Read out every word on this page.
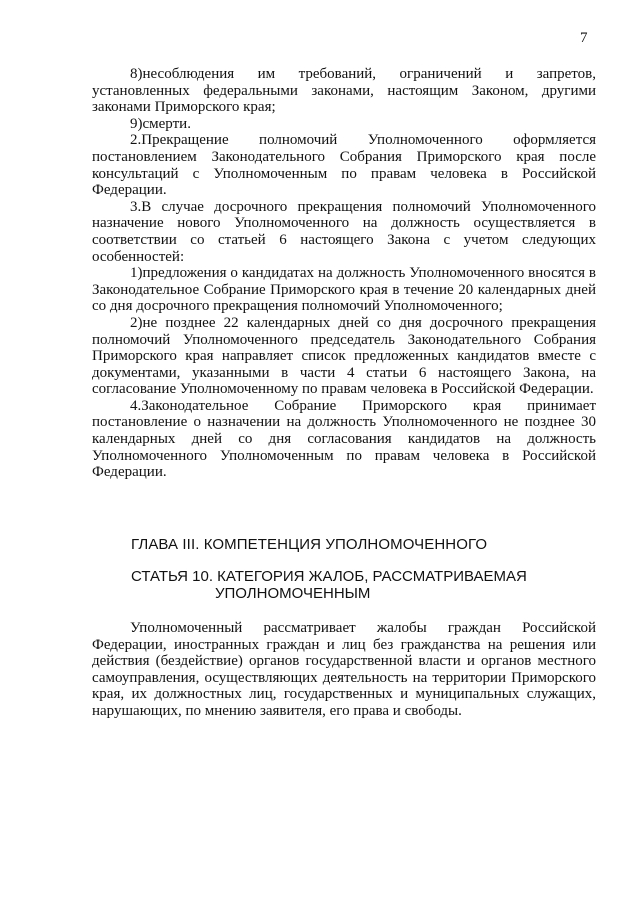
7

8)несоблюдения им требований, ограничений и запретов, установленных федеральными законами, настоящим Законом, другими законами Приморского края;

9)смерти.

2.Прекращение полномочий Уполномоченного оформляется постановлением Законодательного Собрания Приморского края после консультаций с Уполномоченным по правам человека в Российской Федерации.

3.В случае досрочного прекращения полномочий Уполномоченного назначение нового Уполномоченного на должность осуществляется в соответствии со статьей 6 настоящего Закона с учетом следующих особенностей:

1)предложения о кандидатах на должность Уполномоченного вносятся в Законодательное Собрание Приморского края в течение 20 календарных дней со дня досрочного прекращения полномочий Уполномоченного;

2)не позднее 22 календарных дней со дня досрочного прекращения полномочий Уполномоченного председатель Законодательного Собрания Приморского края направляет список предложенных кандидатов вместе с документами, указанными в части 4 статьи 6 настоящего Закона, на согласование Уполномоченному по правам человека в Российской Федерации.

4.Законодательное Собрание Приморского края принимает постановление о назначении на должность Уполномоченного не позднее 30 календарных дней со дня согласования кандидатов на должность Уполномоченного Уполномоченным по правам человека в Российской Федерации.

ГЛАВА III. КОМПЕТЕНЦИЯ УПОЛНОМОЧЕННОГО
СТАТЬЯ 10. КАТЕГОРИЯ ЖАЛОБ, РАССМАТРИВАЕМАЯ
УПОЛНОМОЧЕННЫМ

Уполномоченный рассматривает жалобы граждан Российской Федерации, иностранных граждан и лиц без гражданства на решения или действия (бездействие) органов государственной власти и органов местного самоуправления, осуществляющих деятельность на территории Приморского края, их должностных лиц, государственных и муниципальных служащих, нарушающих, по мнению заявителя, его права и свободы.
